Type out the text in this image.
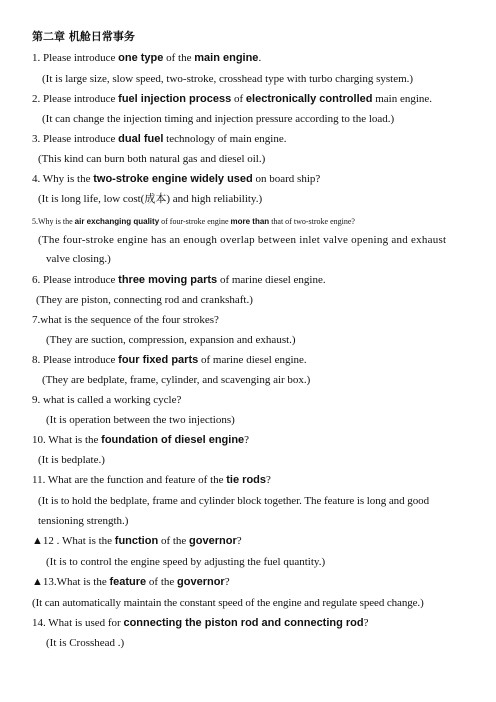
第二章 机舱日常事务
1. Please introduce one type of the main engine.
(It is large size, slow speed, two-stroke, crosshead type with turbo charging system.)
2. Please introduce fuel injection process of electronically controlled main engine.
(It can change the injection timing and injection pressure according to the load.)
3. Please introduce dual fuel technology of main engine.
(This kind can burn both natural gas and diesel oil.)
4. Why is the two-stroke engine widely used on board ship?
(It is long life, low cost(成本) and high reliability.)
5.Why is the air exchanging quality of four-stroke engine more than that of two-stroke engine?
(The four-stroke engine has an enough overlap between inlet valve opening and exhaust
valve closing.)
6. Please introduce three moving parts of marine diesel engine.
(They are piston, connecting rod and crankshaft.)
7.what is the sequence of the four strokes?
(They are suction, compression, expansion and exhaust.)
8. Please introduce four fixed parts of marine diesel engine.
(They are bedplate, frame, cylinder, and scavenging air box.)
9. what is called a working cycle?
(It is operation between the two injections)
10. What is the foundation of diesel engine?
(It is bedplate.)
11. What are the function and feature of the tie rods?
(It is to hold the bedplate, frame and cylinder block together. The feature is long and good
tensioning strength.)
▲12 . What is the function of the governor?
(It is to control the engine speed by adjusting the fuel quantity.)
▲13.What is the feature of the governor?
(It can automatically maintain the constant speed of the engine and regulate speed change.)
14. What is used for connecting the piston rod and connecting rod?
(It is Crosshead .)
